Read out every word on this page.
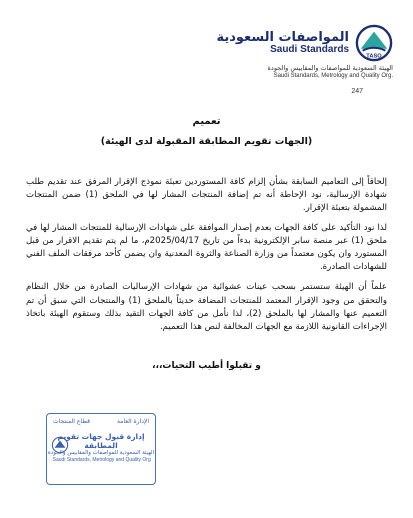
المواصفات السعودية
Saudi Standards
TASO
الهيئة السعودية للمواصفات والمقاييس والجودة
Saudi Standards, Metrology and Quality Org.
247
تعميم
(الجهات تقويم المطابقة المقبولة لدى الهيئة)

إلحاقاً إلى التعاميم السابقة بشأن إلزام كافة المستوردين تعبئة نموذج الإقرار المرفق عند تقديم طلب شهادة الإرسالية، نود الإحاطة أنه تم إضافة المنتجات المشار لها في الملحق (1) ضمن المنتجات المشمولة بتعبئة الإقرار.

لذا نود التأكيد على كافة الجهات بعدم إصدار الموافقة على شهادات الإرسالية للمنتجات المشار لها في ملحق (1) عبر منصة سابر الإلكترونية بدءاً من تاريخ 2025/04/17م، ما لم يتم تقديم الاقرار من قبل المستورد وان يكون معتمداً من وزارة الصناعة والثروة المعدنية وان يضمن كأحد مرفقات الملف الفني للشهادات الصادرة.

علماً أن الهيئة ستستمر بسحب عينات عشوائية من شهادات الإرساليات الصادرة من خلال النظام والتحقق من وجود الإقرار المعتمد للمنتجات المضافة حديثاً بالملحق (1) والمنتجات التي سبق أن تم التعميم عنها والمشار لها بالملحق (2)، لذا نأمل من كافة الجهات التقيد بذلك وستقوم الهيئة باتخاذ الإجراءات القانونية اللازمة مع الجهات المخالفة لنص هذا التعميم.

و تقبلوا أطيب التحيات،،،
الإدارة العامة
قطاع المنتجات
إدارة قبول جهات تقويم المطابقة
الهيئة السعودية للمواصفات والمقاييس والجودة
Saudi Standards, Metrology and Quality Org.
